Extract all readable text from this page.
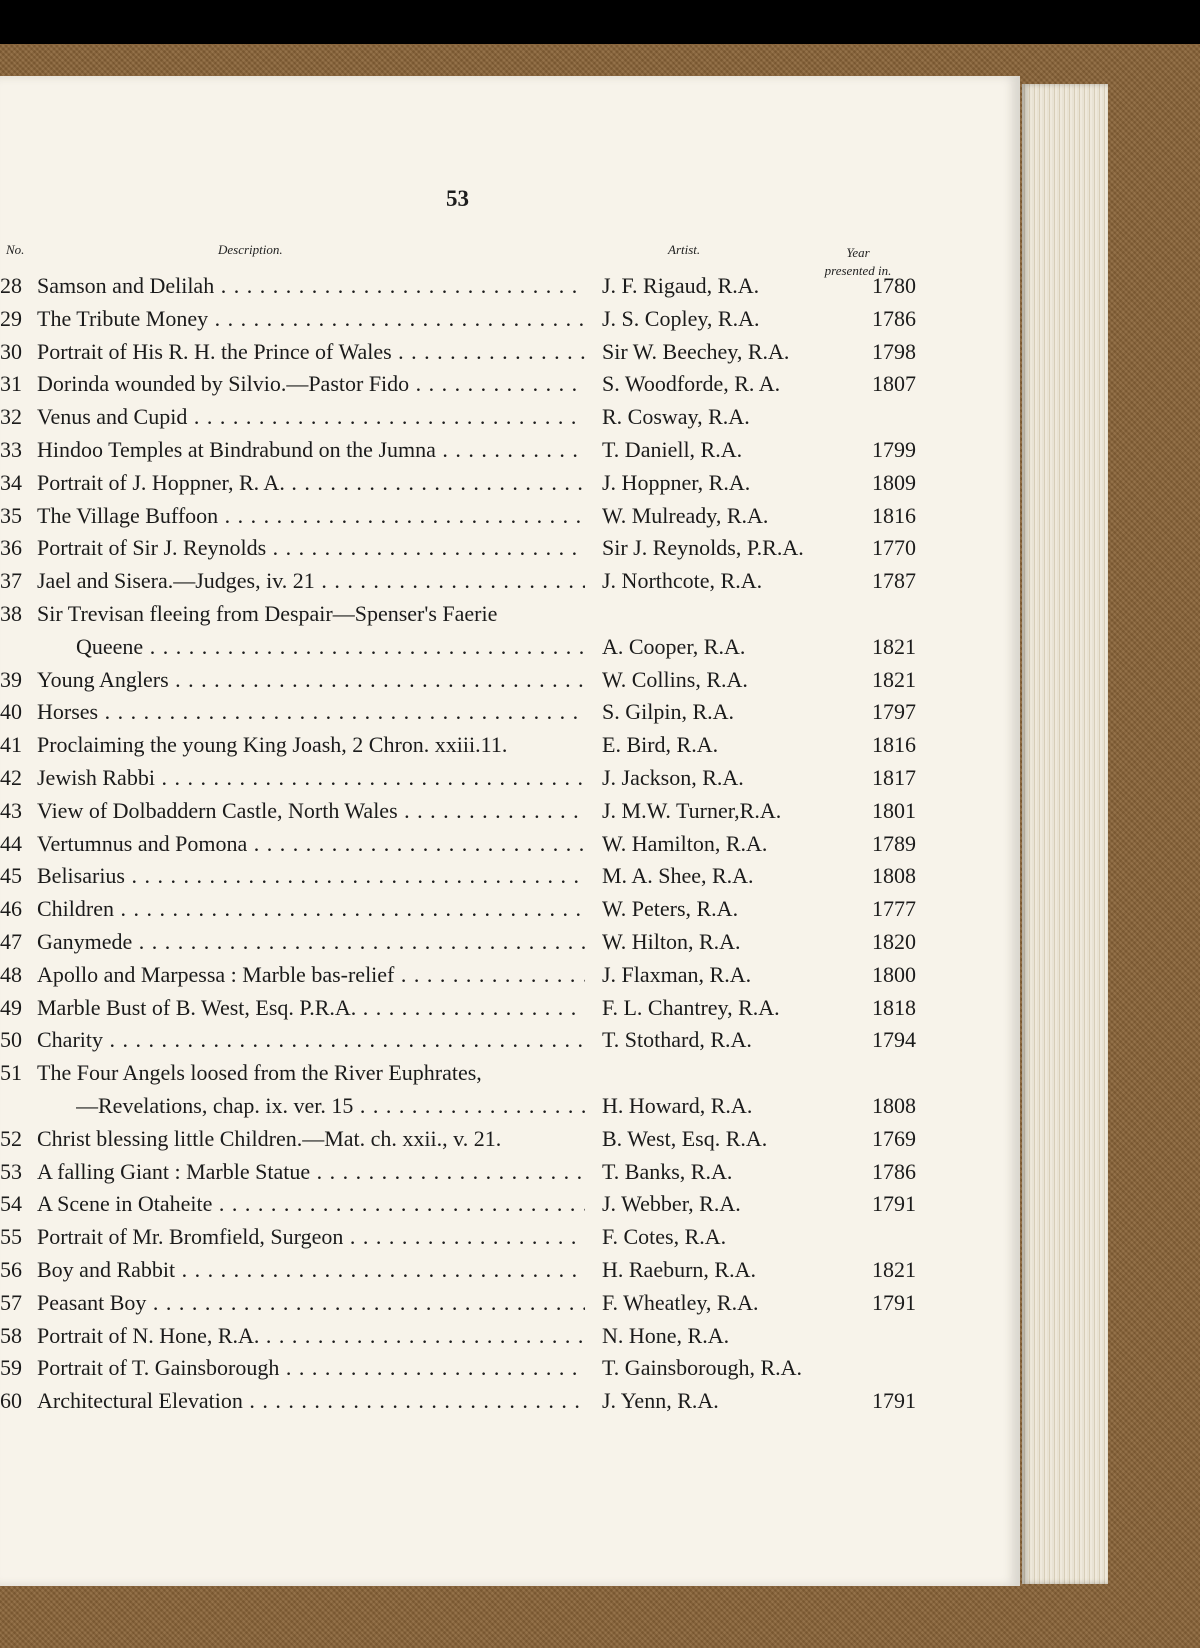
53
No.	Description.	Artist.	Year
presented in.
28 Samson and Delilah . . .	J. F. Rigaud, R.A.	1780
29 The Tribute Money . . .	J. S. Copley, R.A.	1786
30 Portrait of His R. H. the Prince of Wales . . .	Sir W. Beechey, R.A.	1798
31 Dorinda wounded by Silvio.—Pastor Fido . . .	S. Woodforde, R. A.	1807
32 Venus and Cupid . . .	R. Cosway, R.A.
33 Hindoo Temples at Bindrabund on the Jumna . . .	T. Daniell, R.A.	1799
34 Portrait of J. Hoppner, R. A. . . .	J. Hoppner, R.A.	1809
35 The Village Buffoon . . .	W. Mulready, R.A.	1816
36 Portrait of Sir J. Reynolds . . .	Sir J. Reynolds, P.R.A.	1770
37 Jael and Sisera.—Judges, iv. 21 . . .	J. Northcote, R.A.	1787
38 Sir Trevisan fleeing from Despair—Spenser's Faerie
Queene . . .	A. Cooper, R.A.	1821
39 Young Anglers . . .	W. Collins, R.A.	1821
40 Horses . . .	S. Gilpin, R.A.	1797
41 Proclaiming the young King Joash, 2 Chron. xxiii.11.	E. Bird, R.A.	1816
42 Jewish Rabbi . . .	J. Jackson, R.A.	1817
43 View of Dolbaddern Castle, North Wales . . .	J. M.W. Turner,R.A.	1801
44 Vertumnus and Pomona . . .	W. Hamilton, R.A.	1789
45 Belisarius . . .	M. A. Shee, R.A.	1808
46 Children . . .	W. Peters, R.A.	1777
47 Ganymede . . .	W. Hilton, R.A.	1820
48 Apollo and Marpessa : Marble bas-relief . . .	J. Flaxman, R.A.	1800
49 Marble Bust of B. West, Esq. P.R.A. . . .	F. L. Chantrey, R.A.	1818
50 Charity . . .	T. Stothard, R.A.	1794
51 The Four Angels loosed from the River Euphrates,
—Revelations, chap. ix. ver. 15 . . .	H. Howard, R.A.	1808
52 Christ blessing little Children.—Mat. ch. xxii., v. 21.	B. West, Esq. R.A.	1769
53 A falling Giant : Marble Statue . . .	T. Banks, R.A.	1786
54 A Scene in Otaheite . . .	J. Webber, R.A.	1791
55 Portrait of Mr. Bromfield, Surgeon . . .	F. Cotes, R.A.
56 Boy and Rabbit . . .	H. Raeburn, R.A.	1821
57 Peasant Boy . . .	F. Wheatley, R.A.	1791
58 Portrait of N. Hone, R.A. . . .	N. Hone, R.A.
59 Portrait of T. Gainsborough . . .	T. Gainsborough, R.A.
60 Architectural Elevation . . .	J. Yenn, R.A.	1791
